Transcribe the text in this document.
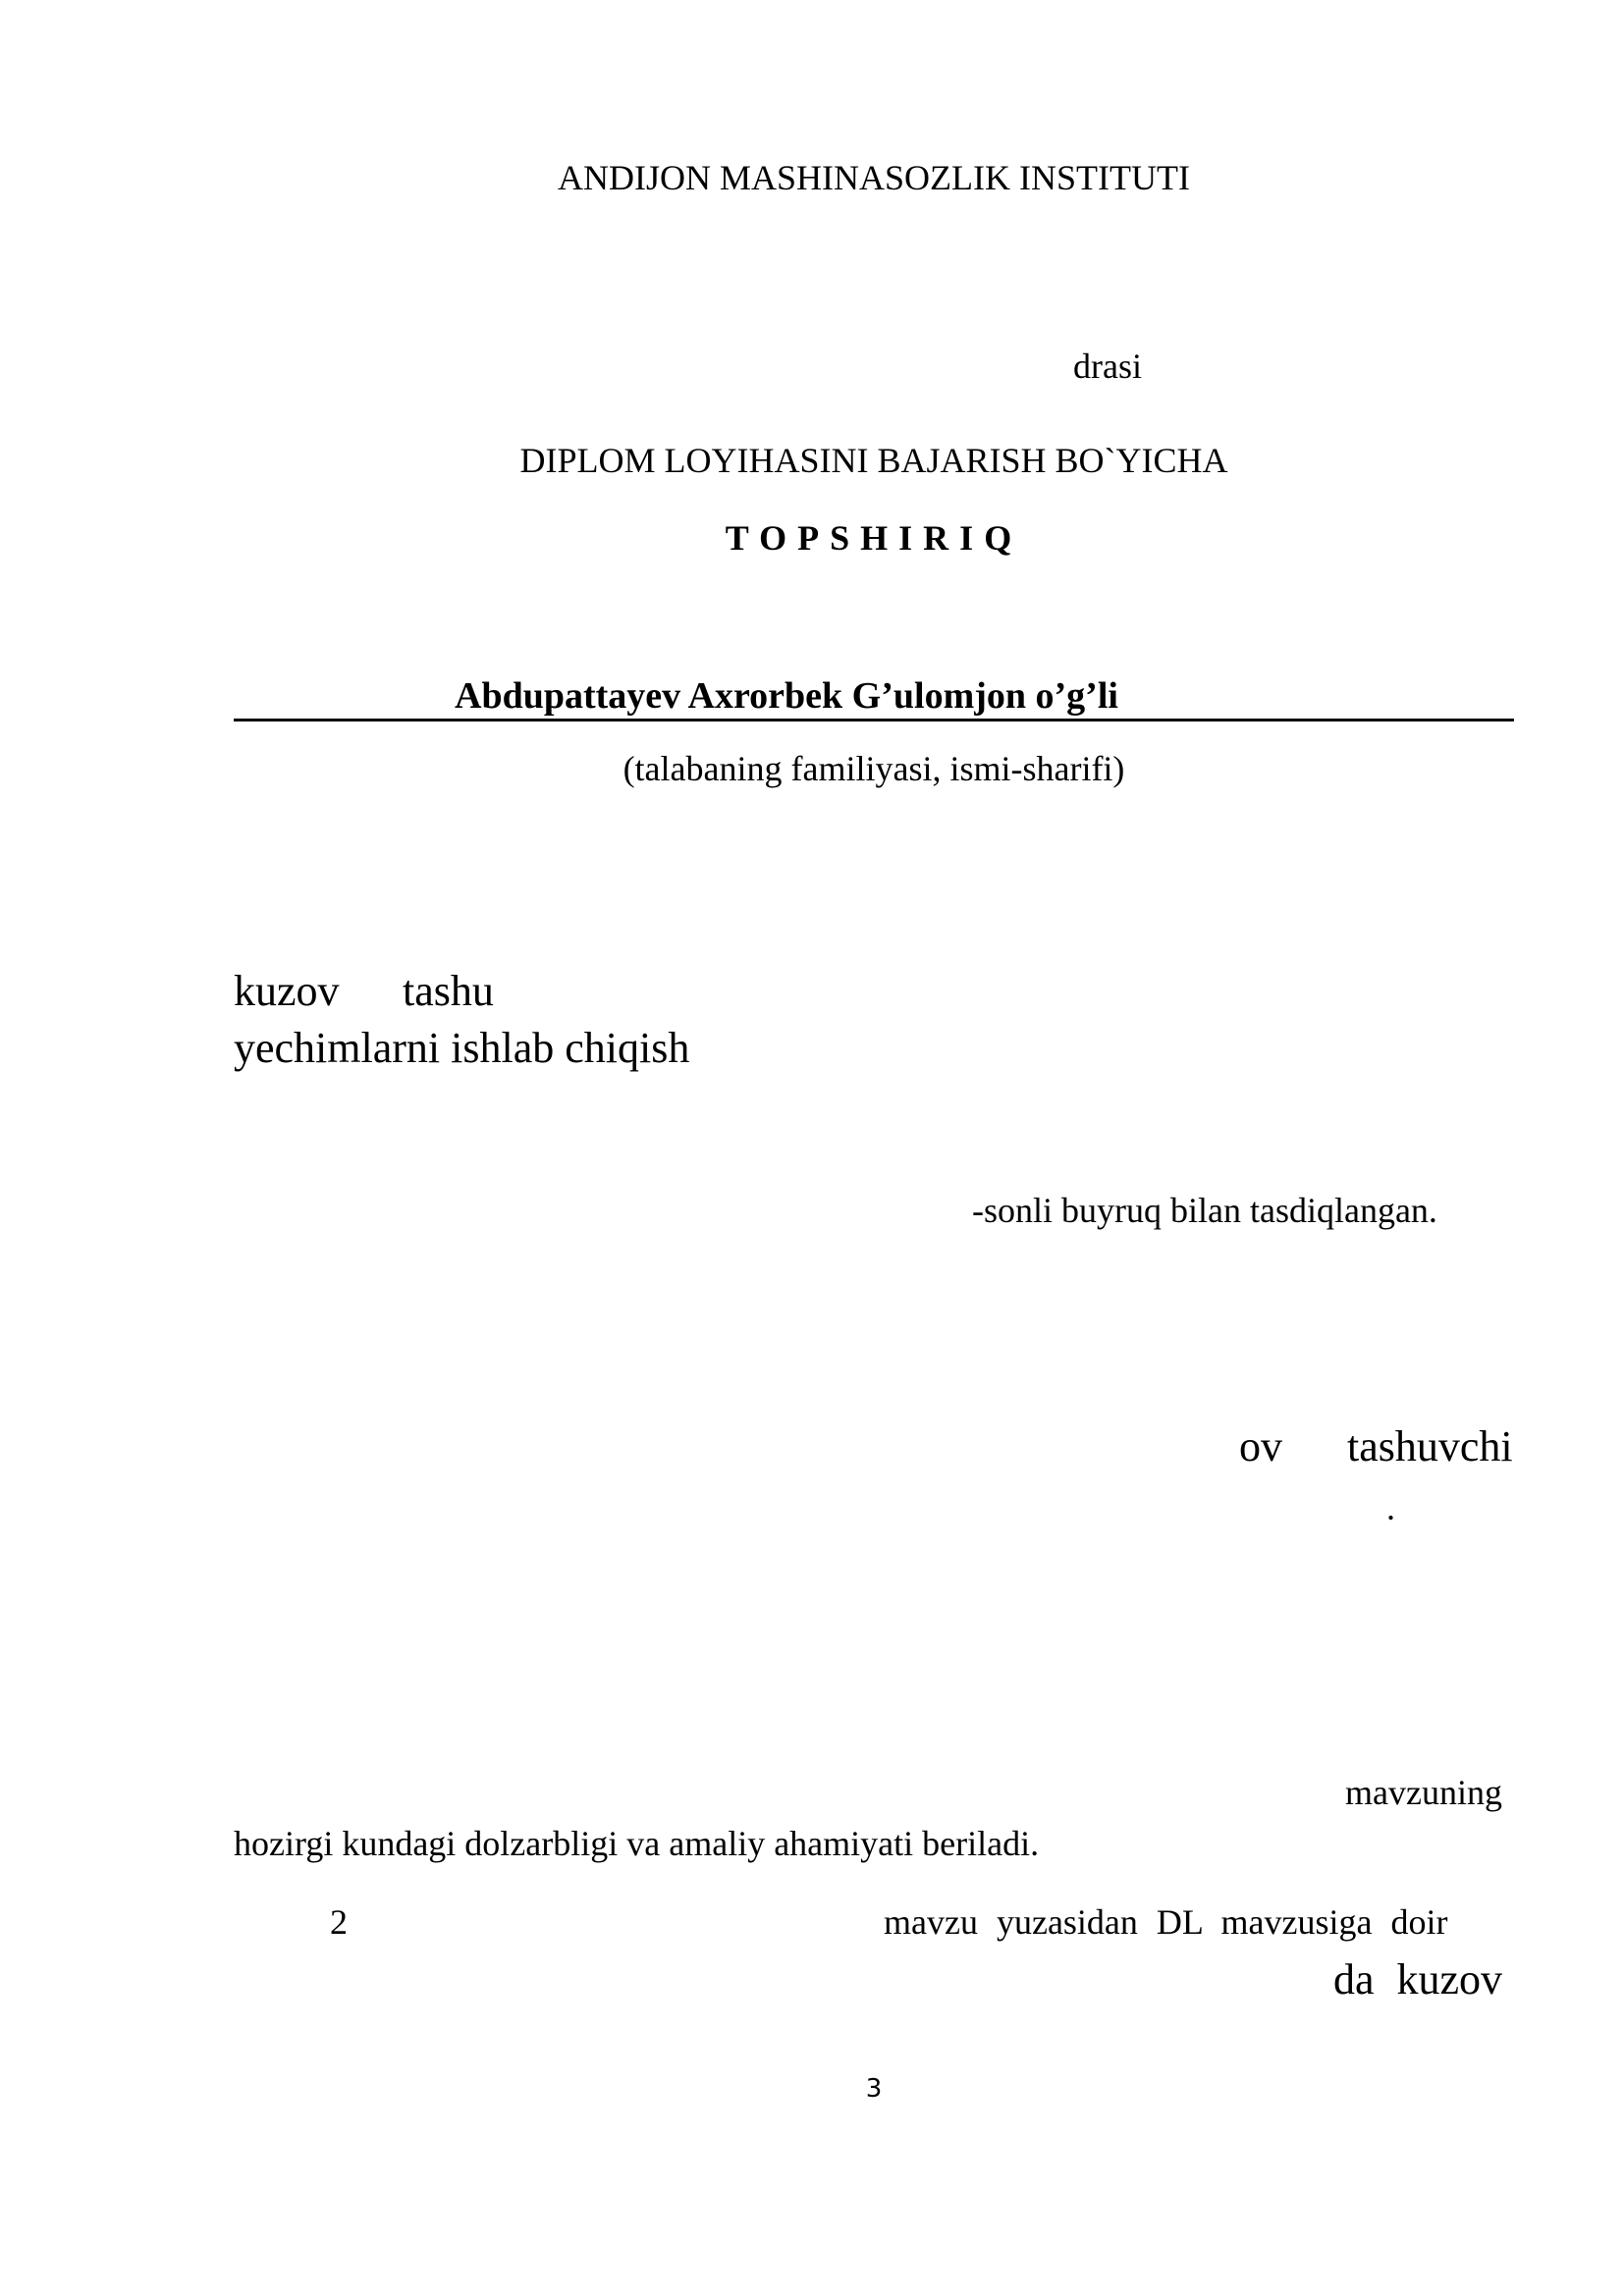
ANDIJON MASHINASOZLIK INSTITUTI
drasi
DIPLOM LOYIHASINI BAJARISH BO`YICHA
TOPSHIRIQ
Abdupattayev Axrorbek G’ulomjon o’g’li
(talabaning familiyasi, ismi-sharifi)
kuzov tashu
yechimlarni ishlab chiqish
-sonli buyruq bilan tasdiqlangan.
ov tashuvchi
.
mavzuning
hozirgi kundagi dolzarbligi va amaliy ahamiyati beriladi.
2	mavzu yuzasidan DL mavzusiga doir
da kuzov
3
